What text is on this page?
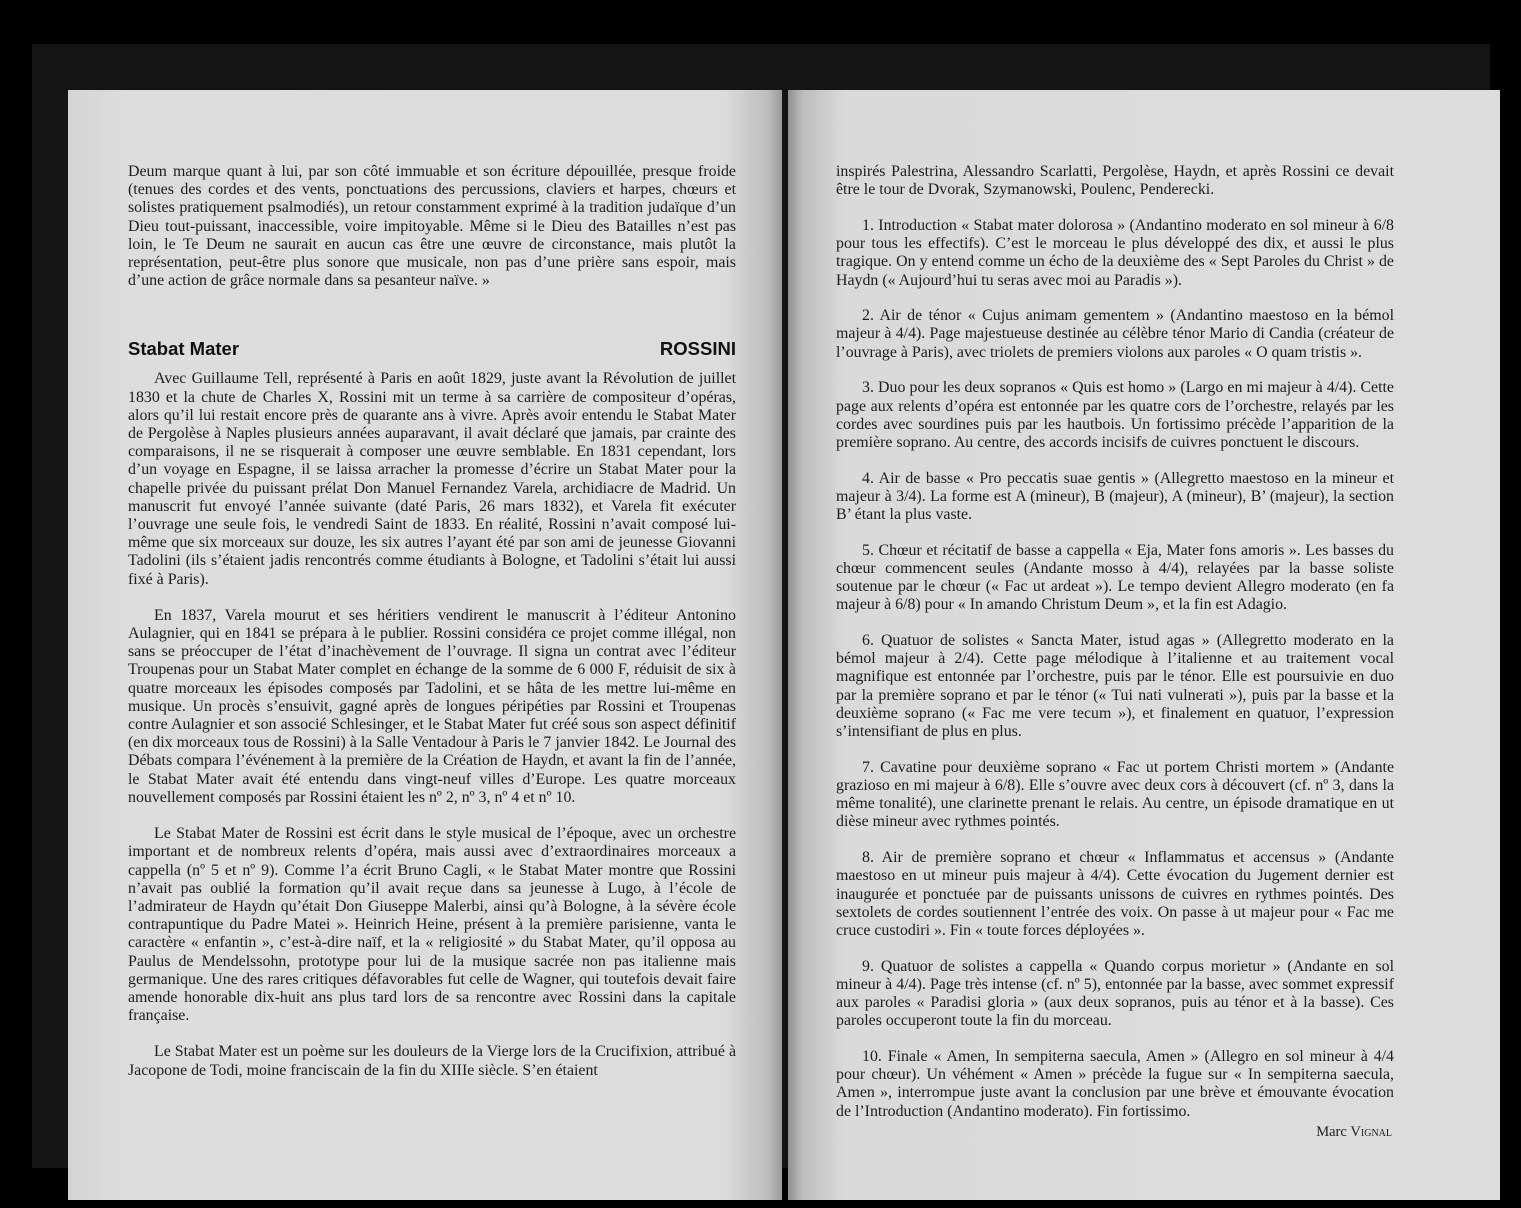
Deum marque quant à lui, par son côté immuable et son écriture dépouillée, presque froide (tenues des cordes et des vents, ponctuations des percussions, claviers et harpes, chœurs et solistes pratiquement psalmodiés), un retour constamment exprimé à la tradition judaïque d’un Dieu tout-puissant, inaccessible, voire impitoyable. Même si le Dieu des Batailles n’est pas loin, le Te Deum ne saurait en aucun cas être une œuvre de circonstance, mais plutôt la représentation, peut-être plus sonore que musicale, non pas d’une prière sans espoir, mais d’une action de grâce normale dans sa pesanteur naïve. »

Stabat Mater	ROSSINI

Avec Guillaume Tell, représenté à Paris en août 1829, juste avant la Révolution de juillet 1830 et la chute de Charles X, Rossini mit un terme à sa carrière de compositeur d’opéras, alors qu’il lui restait encore près de quarante ans à vivre. Après avoir entendu le Stabat Mater de Pergolèse à Naples plusieurs années auparavant, il avait déclaré que jamais, par crainte des comparaisons, il ne se risquerait à composer une œuvre semblable. En 1831 cependant, lors d’un voyage en Espagne, il se laissa arracher la promesse d’écrire un Stabat Mater pour la chapelle privée du puissant prélat Don Manuel Fernandez Varela, archidiacre de Madrid. Un manuscrit fut envoyé l’année suivante (daté Paris, 26 mars 1832), et Varela fit exécuter l’ouvrage une seule fois, le vendredi Saint de 1833. En réalité, Rossini n’avait composé lui-même que six morceaux sur douze, les six autres l’ayant été par son ami de jeunesse Giovanni Tadolini (ils s’étaient jadis rencontrés comme étudiants à Bologne, et Tadolini s’était lui aussi fixé à Paris).

En 1837, Varela mourut et ses héritiers vendirent le manuscrit à l’éditeur Antonino Aulagnier, qui en 1841 se prépara à le publier. Rossini considéra ce projet comme illégal, non sans se préoccuper de l’état d’inachèvement de l’ouvrage. Il signa un contrat avec l’éditeur Troupenas pour un Stabat Mater complet en échange de la somme de 6 000 F, réduisit de six à quatre morceaux les épisodes composés par Tadolini, et se hâta de les mettre lui-même en musique. Un procès s’ensuivit, gagné après de longues péripéties par Rossini et Troupenas contre Aulagnier et son associé Schlesinger, et le Stabat Mater fut créé sous son aspect définitif (en dix morceaux tous de Rossini) à la Salle Ventadour à Paris le 7 janvier 1842. Le Journal des Débats compara l’événement à la première de la Création de Haydn, et avant la fin de l’année, le Stabat Mater avait été entendu dans vingt-neuf villes d’Europe. Les quatre morceaux nouvellement composés par Rossini étaient les nº 2, nº 3, nº 4 et nº 10.

Le Stabat Mater de Rossini est écrit dans le style musical de l’époque, avec un orchestre important et de nombreux relents d’opéra, mais aussi avec d’extraordinaires morceaux a cappella (nº 5 et nº 9). Comme l’a écrit Bruno Cagli, « le Stabat Mater montre que Rossini n’avait pas oublié la formation qu’il avait reçue dans sa jeunesse à Lugo, à l’école de l’admirateur de Haydn qu’était Don Giuseppe Malerbi, ainsi qu’à Bologne, à la sévère école contrapuntique du Padre Matei ». Heinrich Heine, présent à la première parisienne, vanta le caractère « enfantin », c’est-à-dire naïf, et la « religiosité » du Stabat Mater, qu’il opposa au Paulus de Mendelssohn, prototype pour lui de la musique sacrée non pas italienne mais germanique. Une des rares critiques défavorables fut celle de Wagner, qui toutefois devait faire amende honorable dix-huit ans plus tard lors de sa rencontre avec Rossini dans la capitale française.

Le Stabat Mater est un poème sur les douleurs de la Vierge lors de la Crucifixion, attribué à Jacopone de Todi, moine franciscain de la fin du XIIIe siècle. S’en étaient

inspirés Palestrina, Alessandro Scarlatti, Pergolèse, Haydn, et après Rossini ce devait être le tour de Dvorak, Szymanowski, Poulenc, Penderecki.

1. Introduction « Stabat mater dolorosa » (Andantino moderato en sol mineur à 6/8 pour tous les effectifs). C’est le morceau le plus développé des dix, et aussi le plus tragique. On y entend comme un écho de la deuxième des « Sept Paroles du Christ » de Haydn (« Aujourd’hui tu seras avec moi au Paradis »).

2. Air de ténor « Cujus animam gementem » (Andantino maestoso en la bémol majeur à 4/4). Page majestueuse destinée au célèbre ténor Mario di Candia (créateur de l’ouvrage à Paris), avec triolets de premiers violons aux paroles « O quam tristis ».

3. Duo pour les deux sopranos « Quis est homo » (Largo en mi majeur à 4/4). Cette page aux relents d’opéra est entonnée par les quatre cors de l’orchestre, relayés par les cordes avec sourdines puis par les hautbois. Un fortissimo précède l’apparition de la première soprano. Au centre, des accords incisifs de cuivres ponctuent le discours.

4. Air de basse « Pro peccatis suae gentis » (Allegretto maestoso en la mineur et majeur à 3/4). La forme est A (mineur), B (majeur), A (mineur), B’ (majeur), la section B’ étant la plus vaste.

5. Chœur et récitatif de basse a cappella « Eja, Mater fons amoris ». Les basses du chœur commencent seules (Andante mosso à 4/4), relayées par la basse soliste soutenue par le chœur (« Fac ut ardeat »). Le tempo devient Allegro moderato (en fa majeur à 6/8) pour « In amando Christum Deum », et la fin est Adagio.

6. Quatuor de solistes « Sancta Mater, istud agas » (Allegretto moderato en la bémol majeur à 2/4). Cette page mélodique à l’italienne et au traitement vocal magnifique est entonnée par l’orchestre, puis par le ténor. Elle est poursuivie en duo par la première soprano et par le ténor (« Tui nati vulnerati »), puis par la basse et la deuxième soprano (« Fac me vere tecum »), et finalement en quatuor, l’expression s’intensifiant de plus en plus.

7. Cavatine pour deuxième soprano « Fac ut portem Christi mortem » (Andante grazioso en mi majeur à 6/8). Elle s’ouvre avec deux cors à découvert (cf. nº 3, dans la même tonalité), une clarinette prenant le relais. Au centre, un épisode dramatique en ut dièse mineur avec rythmes pointés.

8. Air de première soprano et chœur « Inflammatus et accensus » (Andante maestoso en ut mineur puis majeur à 4/4). Cette évocation du Jugement dernier est inaugurée et ponctuée par de puissants unissons de cuivres en rythmes pointés. Des sextolets de cordes soutiennent l’entrée des voix. On passe à ut majeur pour « Fac me cruce custodiri ». Fin « toute forces déployées ».

9. Quatuor de solistes a cappella « Quando corpus morietur » (Andante en sol mineur à 4/4). Page très intense (cf. nº 5), entonnée par la basse, avec sommet expressif aux paroles « Paradisi gloria » (aux deux sopranos, puis au ténor et à la basse). Ces paroles occuperont toute la fin du morceau.

10. Finale « Amen, In sempiterna saecula, Amen » (Allegro en sol mineur à 4/4 pour chœur). Un véhément « Amen » précède la fugue sur « In sempiterna saecula, Amen », interrompue juste avant la conclusion par une brève et émouvante évocation de l’Introduction (Andantino moderato). Fin fortissimo.

Marc Vignal
